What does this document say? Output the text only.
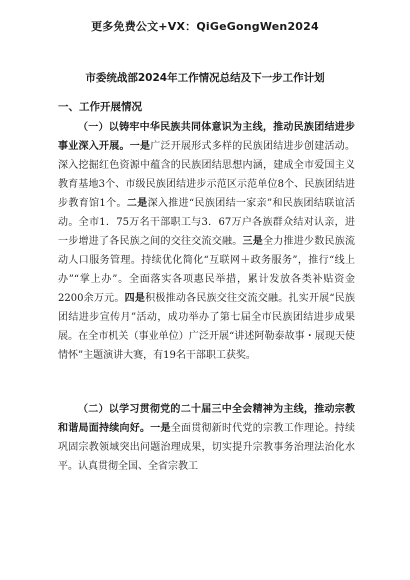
更多免费公文+VX：QiGeGongWen2024
市委统战部2024年工作情况总结及下一步工作计划
一、工作开展情况

（一）以铸牢中华民族共同体意识为主线，推动民族团结进步事业深入开展。一是广泛开展形式多样的民族团结进步创建活动。深入挖掘红色资源中蕴含的民族团结思想内涵，建成全市爱国主义教育基地3个、市级民族团结进步示范区示范单位8个、民族团结进步教育馆1个。二是深入推进“民族团结一家亲”和民族团结联谊活动。全市1．75万名干部职工与3．67万户各族群众结对认亲，进一步增进了各民族之间的交往交流交融。三是全力推进少数民族流动人口服务管理。持续优化简化“互联网＋政务服务”，推行“线上办”“掌上办”。全面落实各项惠民举措，累计发放各类补贴资金2200余万元。四是积极推动各民族交往交流交融。扎实开展“民族团结进步宣传月”活动，成功举办了第七届全市民族团结进步成果展。在全市机关（事业单位）广泛开展“讲述阿勒泰故事・展现天使情怀”主题演讲大赛，有19名干部职工获奖。

（二）以学习贯彻党的二十届三中全会精神为主线，推动宗教和谐局面持续向好。一是全面贯彻新时代党的宗教工作理论。持续巩固宗教领域突出问题治理成果，切实提升宗教事务治理法治化水平。认真贯彻全国、全省宗教工
